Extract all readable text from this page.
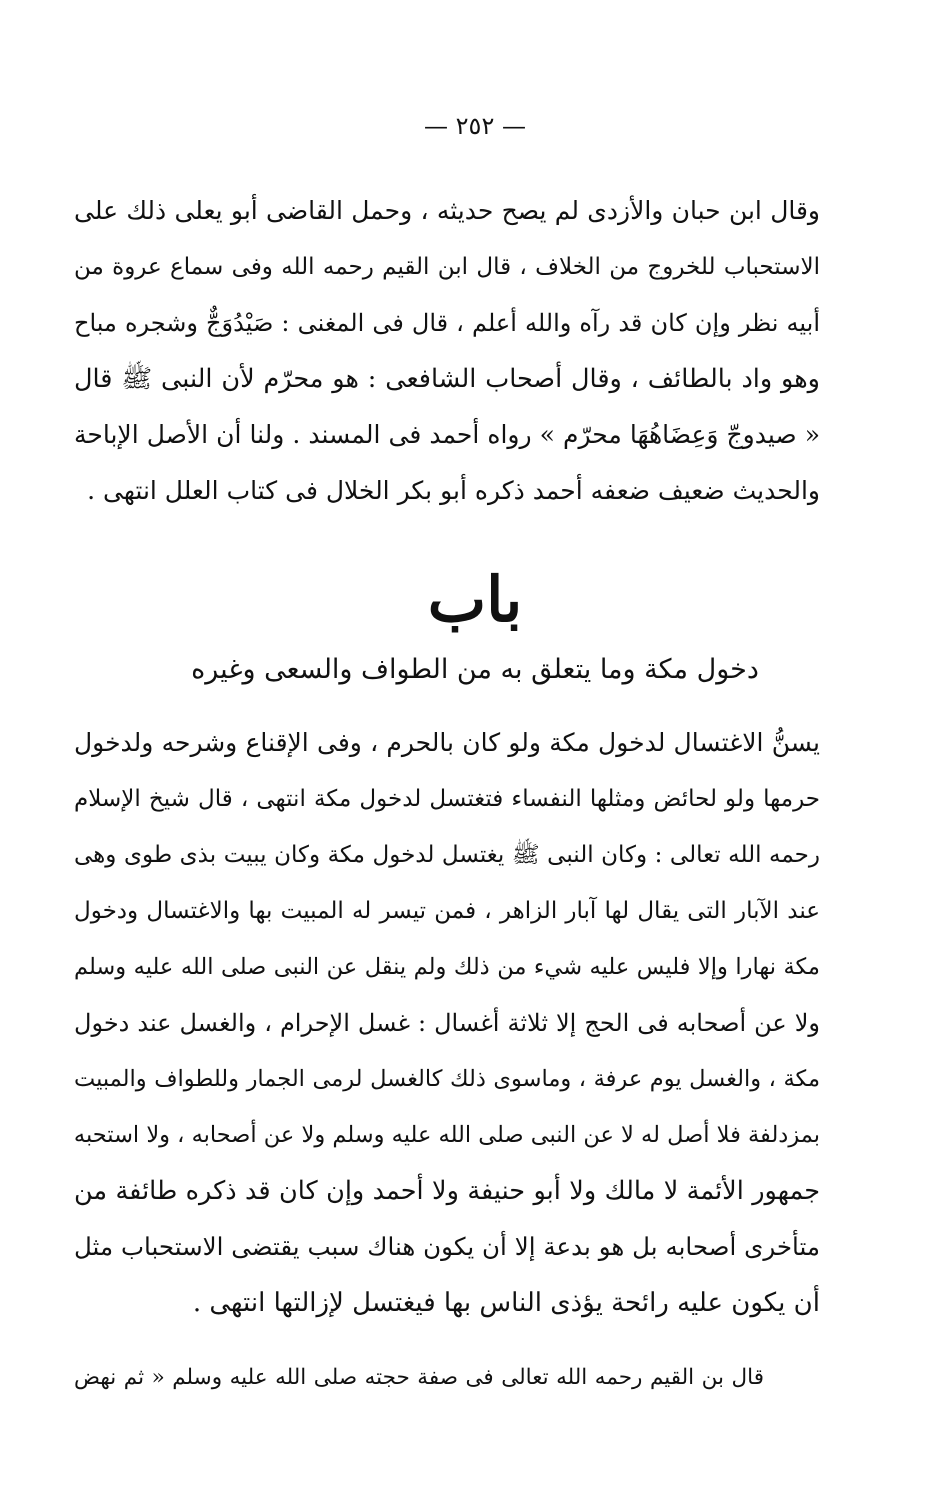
— ٢٥٢ —
وقال ابن حبان والأزدى لم يصح حديثه ، وحمل القاضى أبو يعلى ذلك على
الاستحباب للخروج من الخلاف ، قال ابن القيم رحمه الله وفى سماع عروة من
أبيه نظر وإن كان قد رآه والله أعلم ، قال فى المغنى : صَيْدُوَجٌّ وشجره مباح
وهو واد بالطائف ، وقال أصحاب الشافعى : هو محرّم لأن النبى ﷺ قال
« صيدوجّ وَعِضَاهُهَا محرّم » رواه أحمد فى المسند . ولنا أن الأصل الإباحة
والحديث ضعيف ضعفه أحمد ذكره أبو بكر الخلال فى كتاب العلل انتهى .
باب
دخول مكة وما يتعلق به من الطواف والسعى وغيره
يسنُّ الاغتسال لدخول مكة ولو كان بالحرم ، وفى الإقناع وشرحه ولدخول
حرمها ولو لحائض ومثلها النفساء فتغتسل لدخول مكة انتهى ، قال شيخ الإسلام
رحمه الله تعالى : وكان النبى ﷺ يغتسل لدخول مكة وكان يبيت بذى طوى وهى
عند الآبار التى يقال لها آبار الزاهر ، فمن تيسر له المبيت بها والاغتسال ودخول
مكة نهارا وإلا فليس عليه شيء من ذلك ولم ينقل عن النبى صلى الله عليه وسلم
ولا عن أصحابه فى الحج إلا ثلاثة أغسال : غسل الإحرام ، والغسل عند دخول
مكة ، والغسل يوم عرفة ، وماسوى ذلك كالغسل لرمى الجمار وللطواف والمبيت
بمزدلفة فلا أصل له لا عن النبى صلى الله عليه وسلم ولا عن أصحابه ، ولا استحبه
جمهور الأئمة لا مالك ولا أبو حنيفة ولا أحمد وإن كان قد ذكره طائفة من
متأخرى أصحابه بل هو بدعة إلا أن يكون هناك سبب يقتضى الاستحباب مثل
أن يكون عليه رائحة يؤذى الناس بها فيغتسل لإزالتها انتهى .
قال بن القيم رحمه الله تعالى فى صفة حجته صلى الله عليه وسلم « ثم نهض
